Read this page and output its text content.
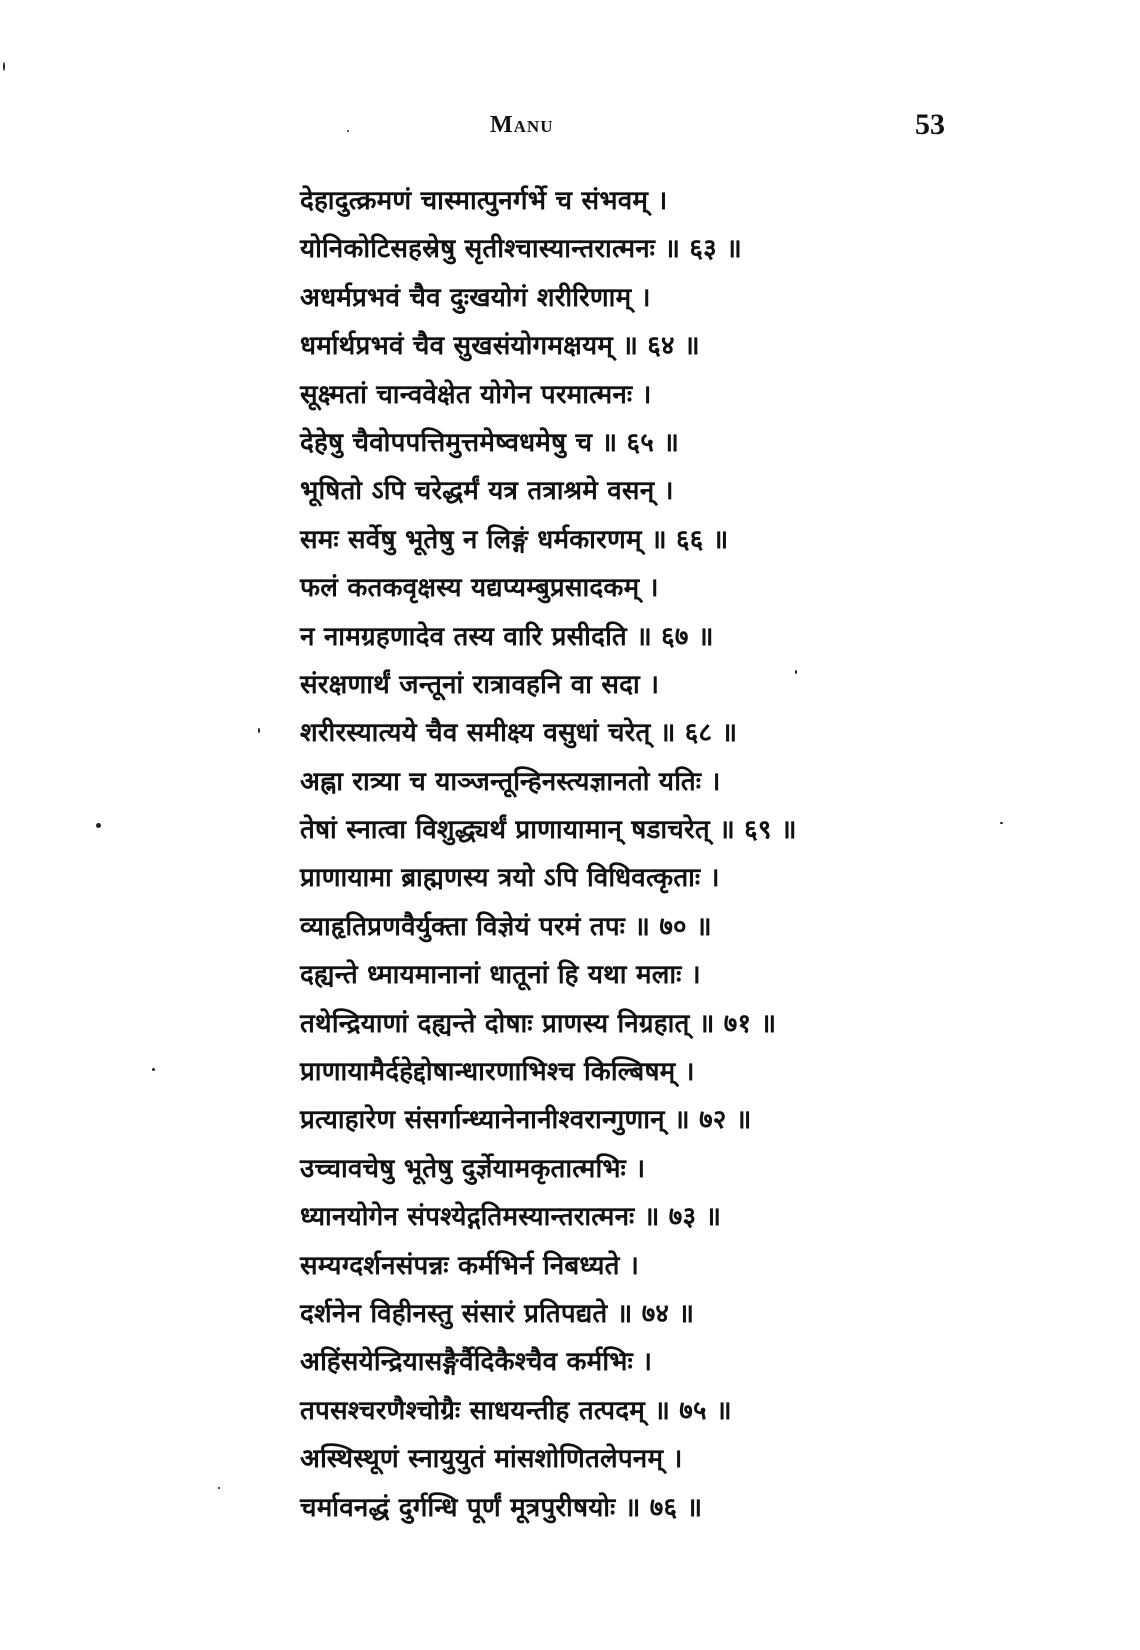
Manu	53
देहादुत्क्रमणं चास्मात्पुनर्गर्भे च संभवम् ।
योनिकोटिसहस्रेषु सृतीश्चास्यान्तरात्मनः ॥ ६३ ॥
अधर्मप्रभवं चैव दुःखयोगं शरीरिणाम् ।
धर्मार्थप्रभवं चैव सुखसंयोगमक्षयम् ॥ ६४ ॥
सूक्ष्मतां चान्ववेक्षेत योगेन परमात्मनः ।
देहेषु चैवोपपत्तिमुत्तमेष्वधमेषु च ॥ ६५ ॥
भूषितो ऽपि चरेद्धर्मं यत्र तत्राश्रमे वसन् ।
समः सर्वेषु भूतेषु न लिङ्गं धर्मकारणम् ॥ ६६ ॥
फलं कतकवृक्षस्य यद्यप्यम्बुप्रसादकम् ।
न नामग्रहणादेव तस्य वारि प्रसीदति ॥ ६७ ॥
संरक्षणार्थं जन्तूनां रात्रावहनि वा सदा ।
शरीरस्यात्यये चैव समीक्ष्य वसुधां चरेत् ॥ ६८ ॥
अह्ना रात्र्या च याञ्जन्तून्हिनस्त्यज्ञानतो यतिः ।
तेषां स्नात्वा विशुद्ध्यर्थं प्राणायामान् षडाचरेत् ॥ ६९ ॥
प्राणायामा ब्राह्मणस्य त्रयो ऽपि विधिवत्कृताः ।
व्याहृतिप्रणवैर्युक्ता विज्ञेयं परमं तपः ॥ ७० ॥
दह्यन्ते ध्मायमानानां धातूनां हि यथा मलाः ।
तथेन्द्रियाणां दह्यन्ते दोषाः प्राणस्य निग्रहात् ॥ ७१ ॥
प्राणायामैर्दहेद्दोषान्धारणाभिश्च किल्बिषम् ।
प्रत्याहारेण संसर्गान्ध्यानेनानीश्वरान्गुणान् ॥ ७२ ॥
उच्चावचेषु भूतेषु दुर्ज्ञेयामकृतात्मभिः ।
ध्यानयोगेन संपश्येद्गतिमस्यान्तरात्मनः ॥ ७३ ॥
सम्यग्दर्शनसंपन्नः कर्मभिर्न निबध्यते ।
दर्शनेन विहीनस्तु संसारं प्रतिपद्यते ॥ ७४ ॥
अहिंसयेन्द्रियासङ्गैर्वैदिकैश्चैव कर्मभिः ।
तपसश्चरणैश्चोग्रैः साधयन्तीह तत्पदम् ॥ ७५ ॥
अस्थिस्थूणं स्नायुयुतं मांसशोणितलेपनम् ।
चर्मावनद्धं दुर्गन्धि पूर्णं मूत्रपुरीषयोः ॥ ७६ ॥
